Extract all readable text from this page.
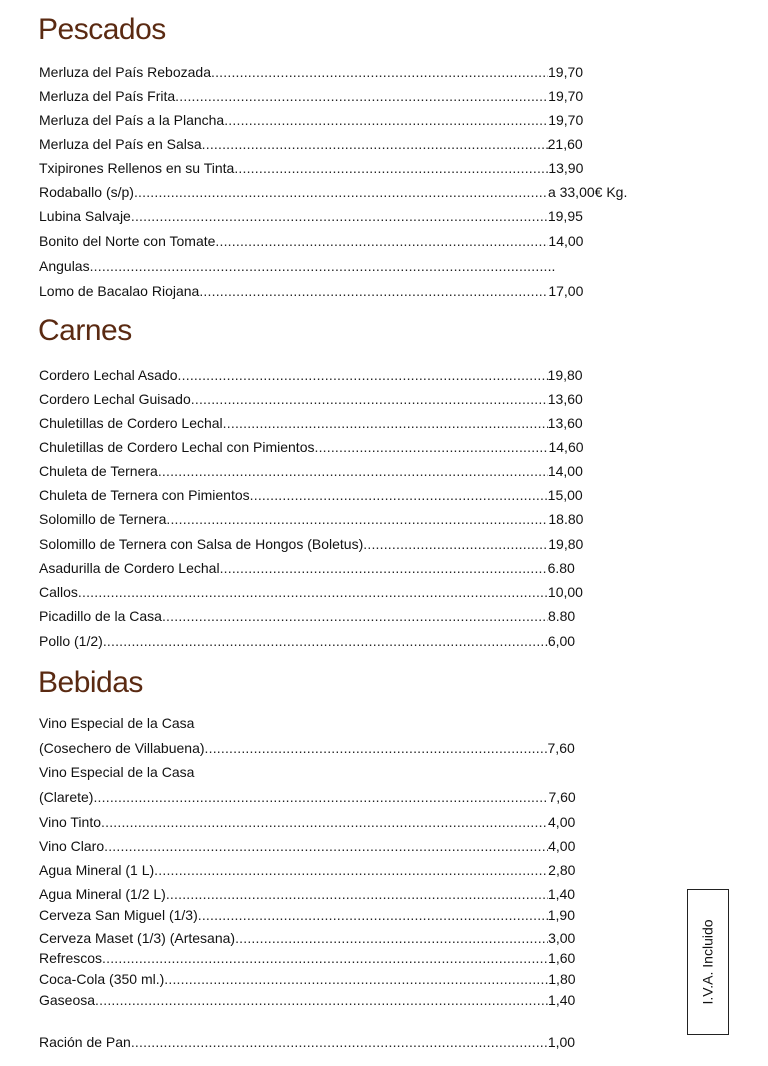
Pescados
Merluza del País Rebozada .....	19,70
Merluza del País Frita .....	19,70
Merluza del País a la Plancha .....	19,70
Merluza del País en Salsa .....	21,60
Txipirones Rellenos en su Tinta .....	13,90
Rodaballo (s/p) .....	a 33,00€ Kg.
Lubina Salvaje .....	19,95
Bonito del Norte con Tomate .....	14,00
Angulas .....	..
Lomo de Bacalao Riojana .....	17,00
Carnes
Cordero Lechal Asado .....	19,80
Cordero Lechal Guisado .....	13,60
Chuletillas de Cordero Lechal .....	13,60
Chuletillas de Cordero Lechal con Pimientos .....	14,60
Chuleta de Ternera .....	14,00
Chuleta de Ternera con Pimientos .....	15,00
Solomillo de Ternera .....	18.80
Solomillo de Ternera con Salsa de Hongos (Boletus) .....	19,80
Asadurilla de Cordero Lechal .....	6.80
Callos .....	10,00
Picadillo de la Casa .....	8.80
Pollo (1/2) .....	6,00
Bebidas
Vino Especial de la Casa
(Cosechero de Villabuena) .....	7,60
Vino Especial de la Casa
(Clarete) .....	7,60
Vino Tinto .....	4,00
Vino Claro .....	4,00
Agua Mineral (1 L) .....	2,80
Agua Mineral (1/2 L) .....	1,40
Cerveza San Miguel (1/3) .....	1,90
Cerveza Maset (1/3) (Artesana) .....	3,00
Refrescos .....	1,60
Coca-Cola (350 ml.) .....	1,80
Gaseosa .....	1,40
Ración de Pan .....	1,00
I.V.A. Incluido
